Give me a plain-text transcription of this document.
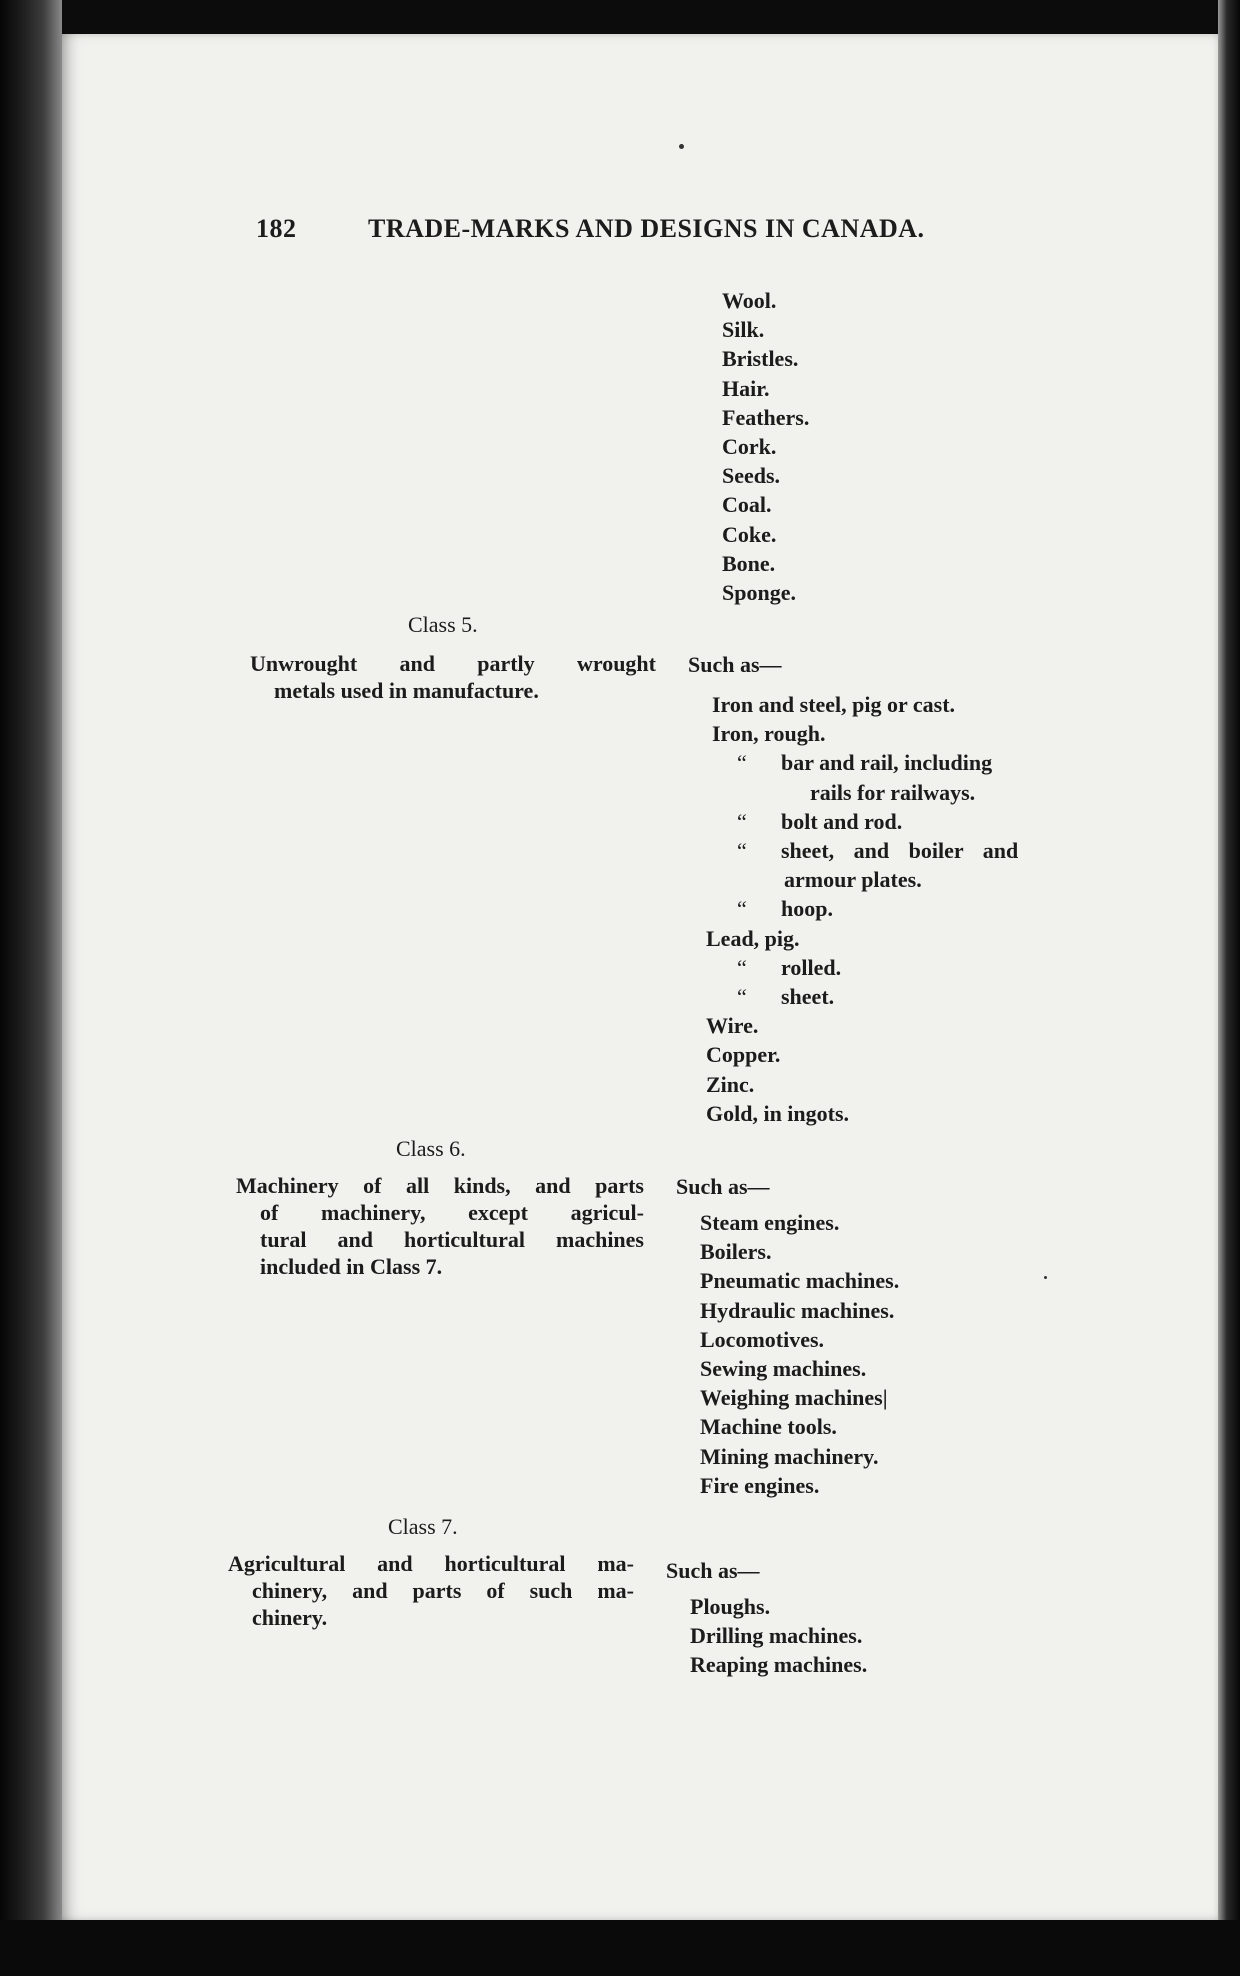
182	TRADE-MARKS AND DESIGNS IN CANADA.
Wool.
Silk.
Bristles.
Hair.
Feathers.
Cork.
Seeds.
Coal.
Coke.
Bone.
Sponge.
Class 5.
Unwrought and partly wrought
metals used in manufacture.
Such as—
Iron and steel, pig or cast.
Iron, rough.
“ bar and rail, including
rails for railways.
“ bolt and rod.
“ sheet, and boiler and
armour plates.
“ hoop.
Lead, pig.
“ rolled.
“ sheet.
Wire.
Copper.
Zinc.
Gold, in ingots.
Class 6.
Machinery of all kinds, and parts
of machinery, except agricul-
tural and horticultural machines
included in Class 7.
Such as—
Steam engines.
Boilers.
Pneumatic machines.
Hydraulic machines.
Locomotives.
Sewing machines.
Weighing machines|
Machine tools.
Mining machinery.
Fire engines.
Class 7.
Agricultural and horticultural ma-
chinery, and parts of such ma-
chinery.
Such as—
Ploughs.
Drilling machines.
Reaping machines.
